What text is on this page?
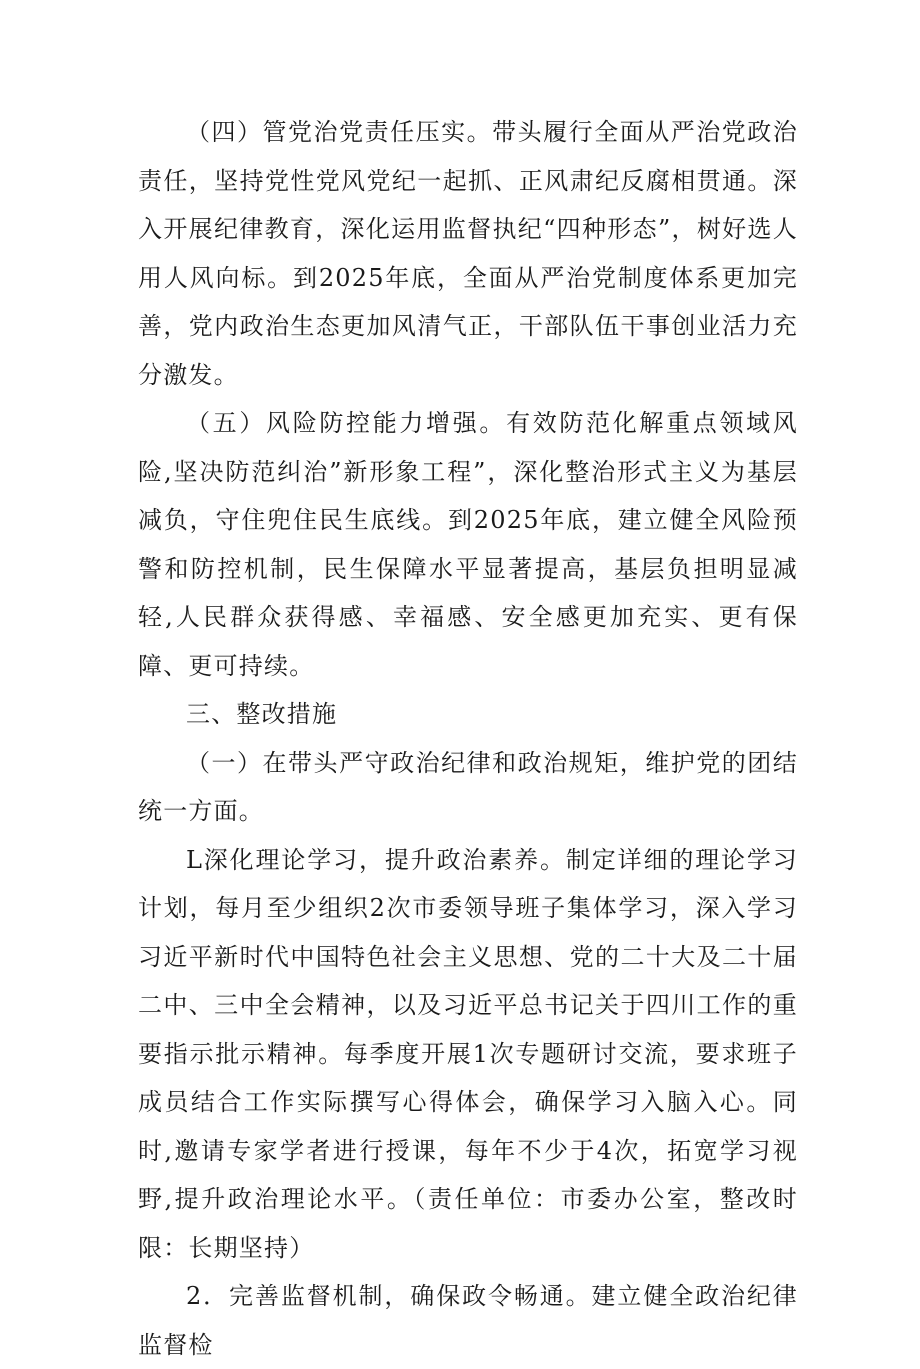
（四）管党治党责任压实。带头履行全面从严治党政治责任，坚持党性党风党纪一起抓、正风肃纪反腐相贯通。深入开展纪律教育，深化运用监督执纪“四种形态”，树好选人用人风向标。到2025年底，全面从严治党制度体系更加完善，党内政治生态更加风清气正，干部队伍干事创业活力充分激发。

（五）风险防控能力增强。有效防范化解重点领域风险,坚决防范纠治”新形象工程”，深化整治形式主义为基层减负，守住兜住民生底线。到2025年底，建立健全风险预警和防控机制，民生保障水平显著提高，基层负担明显减轻,人民群众获得感、幸福感、安全感更加充实、更有保障、更可持续。

三、整改措施

（一）在带头严守政治纪律和政治规矩，维护党的团结统一方面。

L深化理论学习，提升政治素养。制定详细的理论学习计划，每月至少组织2次市委领导班子集体学习，深入学习习近平新时代中国特色社会主义思想、党的二十大及二十届二中、三中全会精神，以及习近平总书记关于四川工作的重要指示批示精神。每季度开展1次专题研讨交流，要求班子成员结合工作实际撰写心得体会，确保学习入脑入心。同时,邀请专家学者进行授课，每年不少于4次，拓宽学习视野,提升政治理论水平。（责任单位：市委办公室，整改时限：长期坚持）

2．完善监督机制，确保政令畅通。建立健全政治纪律监督检
